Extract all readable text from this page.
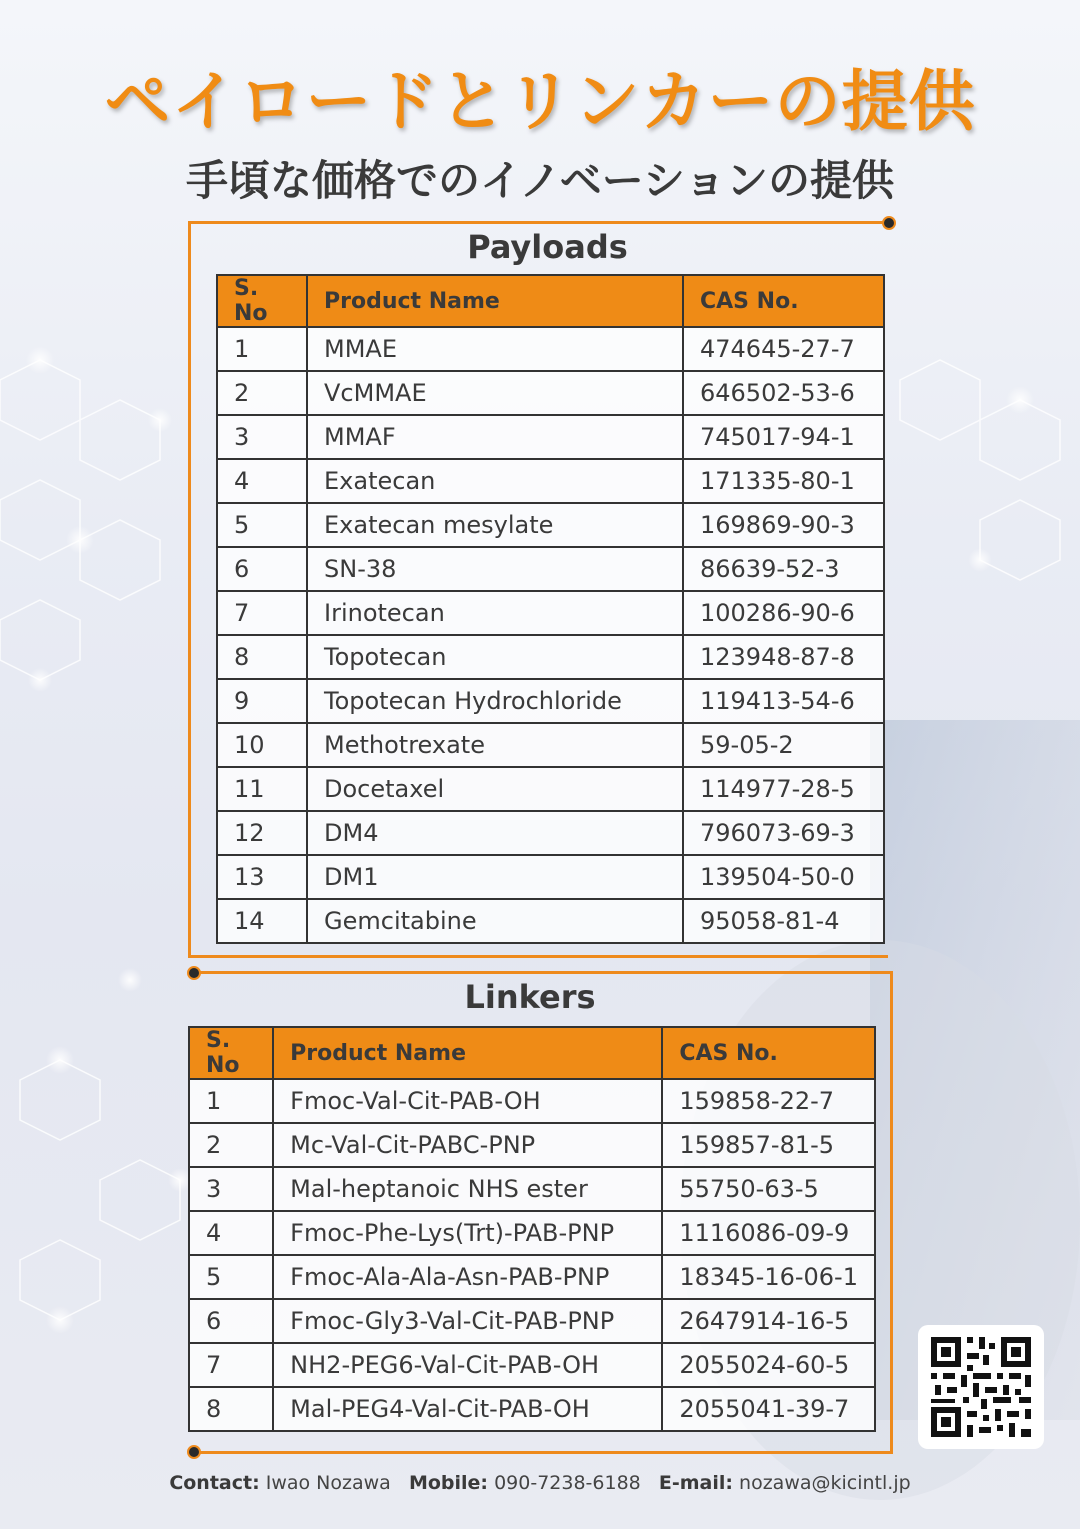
ペイロードとリンカーの提供
手頃な価格でのイノベーションの提供
Payloads
S. No	Product Name	CAS No.
1	MMAE	474645-27-7
2	VcMMAE	646502-53-6
3	MMAF	745017-94-1
4	Exatecan	171335-80-1
5	Exatecan mesylate	169869-90-3
6	SN-38	86639-52-3
7	Irinotecan	100286-90-6
8	Topotecan	123948-87-8
9	Topotecan Hydrochloride	119413-54-6
10	Methotrexate	59-05-2
11	Docetaxel	114977-28-5
12	DM4	796073-69-3
13	DM1	139504-50-0
14	Gemcitabine	95058-81-4
Linkers
S. No	Product Name	CAS No.
1	Fmoc-Val-Cit-PAB-OH	159858-22-7
2	Mc-Val-Cit-PABC-PNP	159857-81-5
3	Mal-heptanoic NHS ester	55750-63-5
4	Fmoc-Phe-Lys(Trt)-PAB-PNP	1116086-09-9
5	Fmoc-Ala-Ala-Asn-PAB-PNP	18345-16-06-1
6	Fmoc-Gly3-Val-Cit-PAB-PNP	2647914-16-5
7	NH2-PEG6-Val-Cit-PAB-OH	2055024-60-5
8	Mal-PEG4-Val-Cit-PAB-OH	2055041-39-7
Contact: Iwao Nozawa Mobile: 090-7238-6188 E-mail: nozawa@kicintl.jp
